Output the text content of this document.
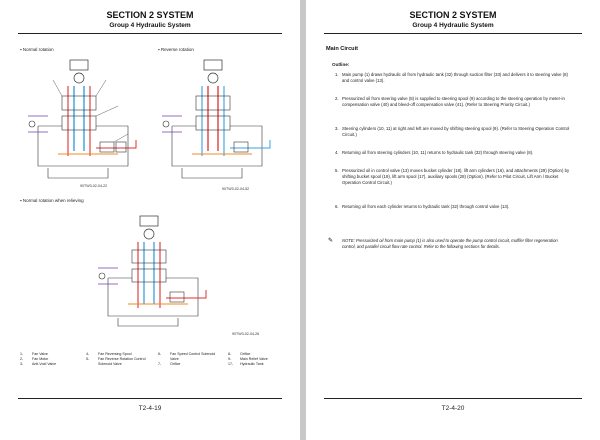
SECTION 2 SYSTEM
Group 4 Hydraulic System
▪ Normal rotation	▪ Reverse rotation
90TW3-02-04-22
90TW3-02-04-52
▪ Normal rotation when relieving
90TW3-02-04-26
1- Fan Valve
2- Fan Motor
3- Anti-Void Valve
4- Fan Reversing Spool
5- Fan Reverse Rotation Control
Solenoid Valve
6- Fan Speed Control Solenoid
Valve
7- Orifice
8- Orifice
9- Main Relief Valve
17- Hydraulic Tank
T2-4-19
SECTION 2 SYSTEM
Group 4 Hydraulic System
Main Circuit
Outline:
1. Main pump (1) draws hydraulic oil from hydraulic tank (32) through suction filter (33) and delivers it to steering valve (8) and control valve (13).
2. Pressurized oil from steering valve (8) is supplied to steering spool (9) according to the steering operation by meter-in compensation valve (40) and bleed-off compensation valve (41). (Refer to Steering Priority Circuit.)
3. Steering cylinders (10, 11) at right and left are moved by shifting steering spool (9). (Refer to Steering Operation Control Circuit.)
4. Returning oil from steering cylinders (10, 11) returns to hydraulic tank (32) through steering valve (8).
5. Pressurized oil in control valve (13) moves bucket cylinder (18), lift arm cylinders (16), and attachments (29) (Option) by shifting bucket spool (19), lift arm spool (17), auxiliary spools (28) (Option). (Refer to Pilot Circuit, Lift Arm / Bucket Operation Control Circuit.)
6. Returning oil from each cylinder returns to hydraulic tank (32) through control valve (13).
✎ NOTE: Pressurized oil from main pump (1) is also used to operate the pump control circuit, muffler filter regeneration control, and parallel circuit flow rate control. Refer to the following sections for details.
T2-4-20
